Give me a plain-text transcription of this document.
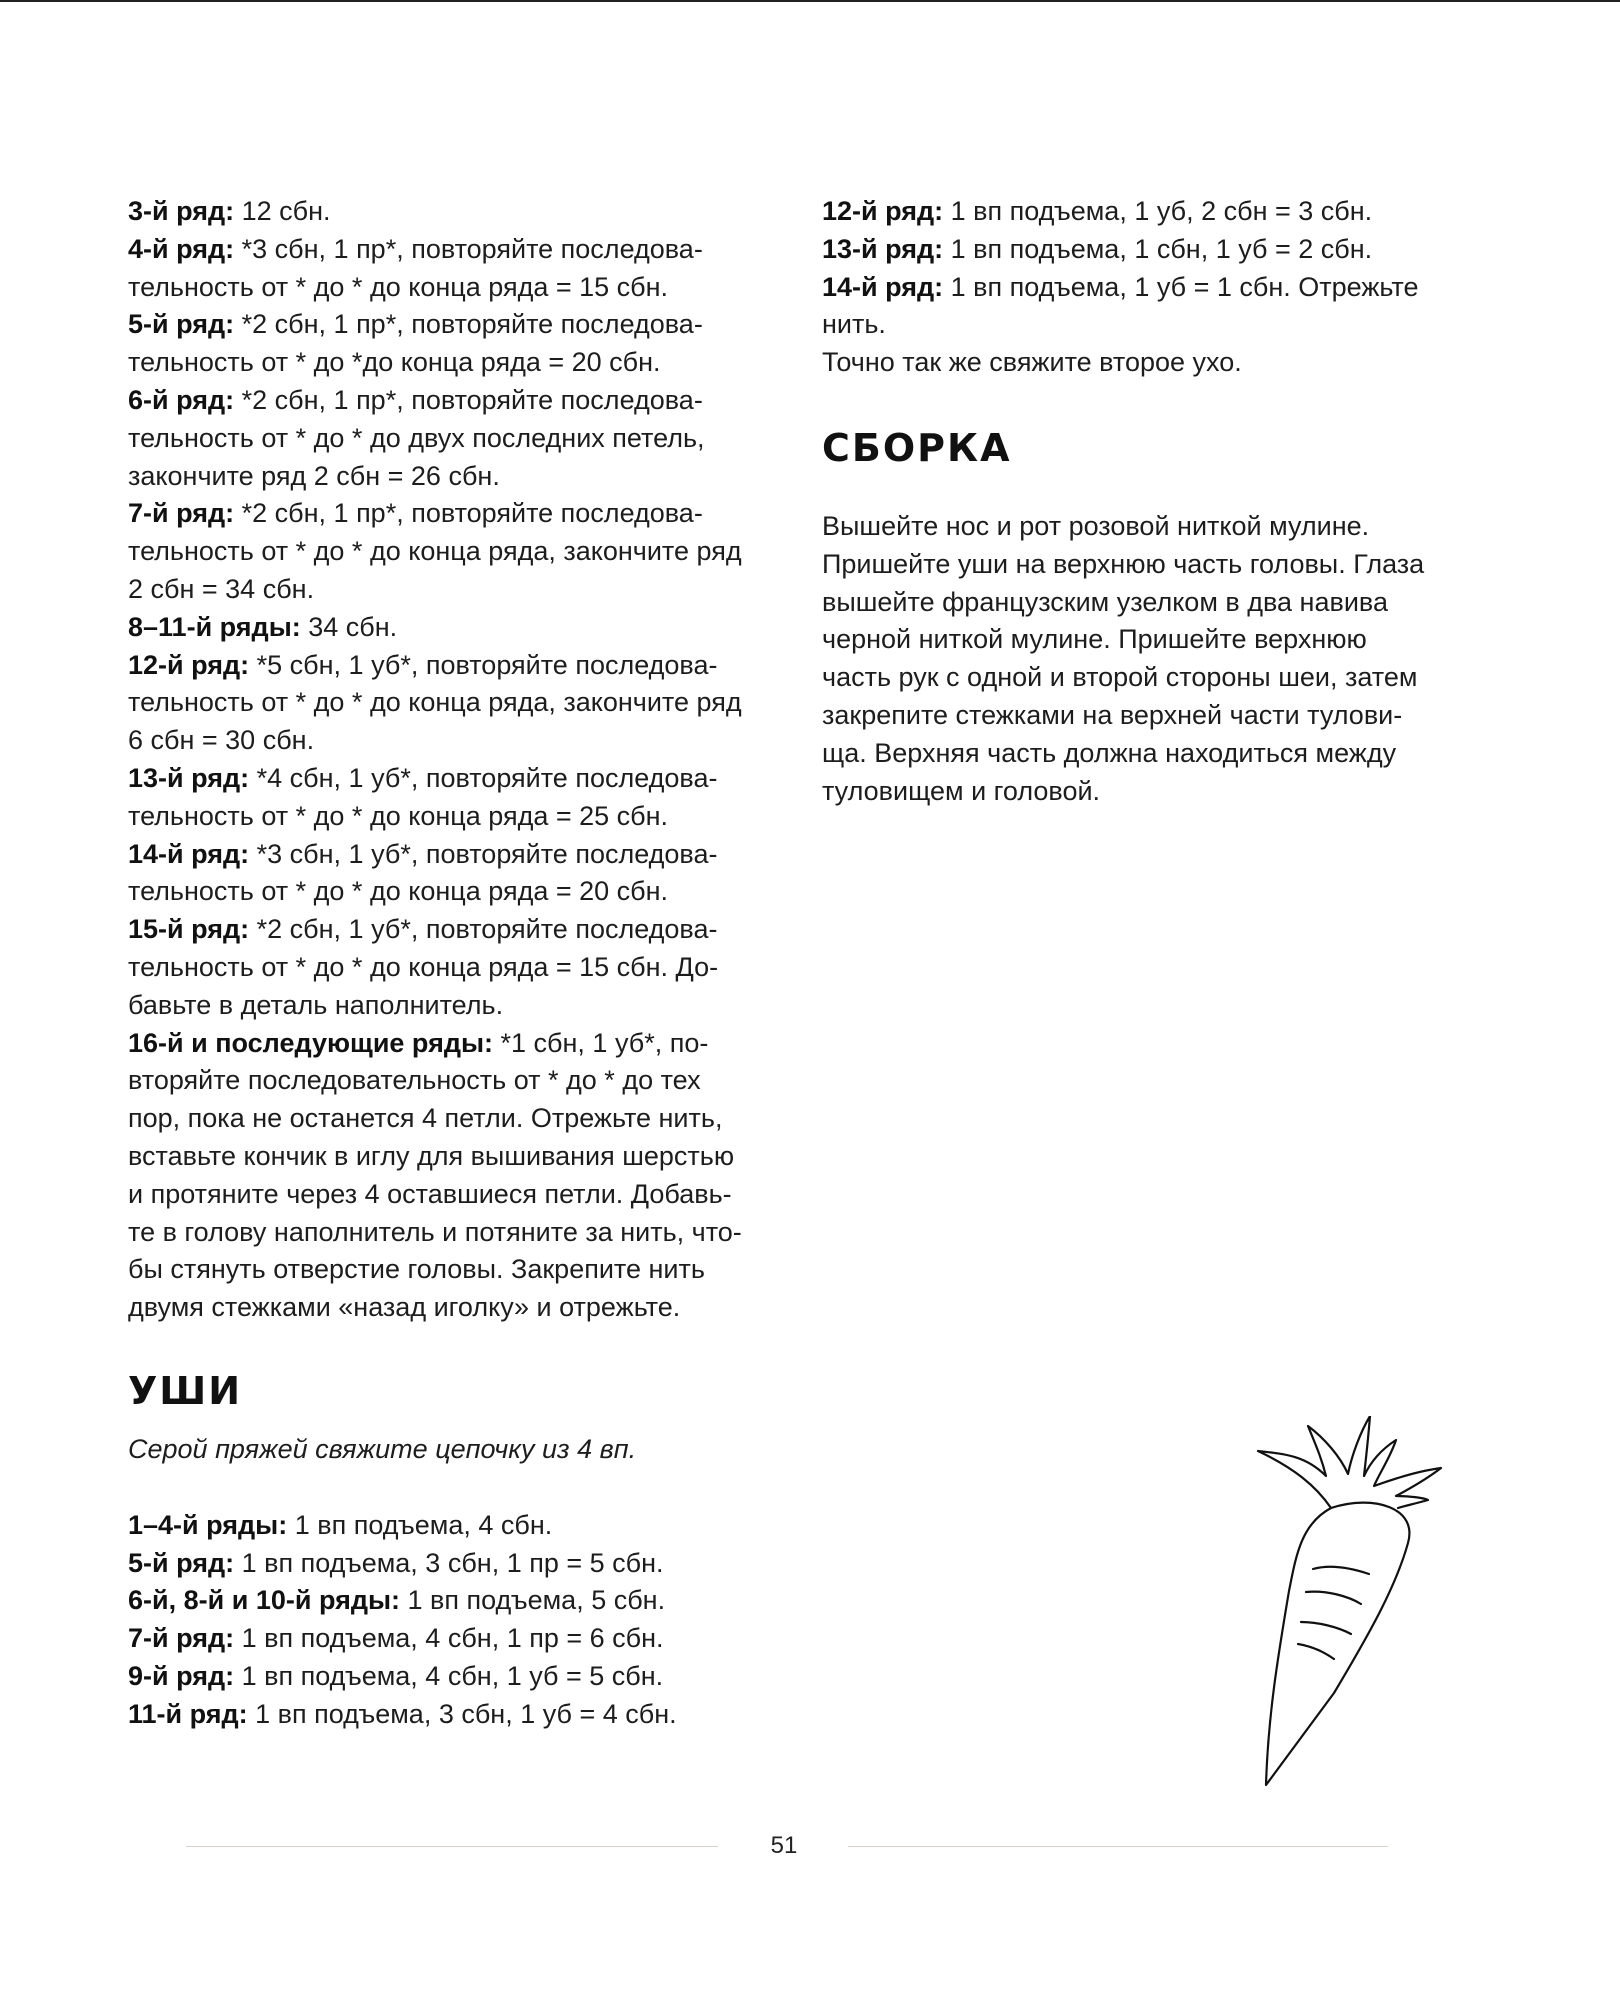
3-й ряд: 12 сбн.

4-й ряд: *3 сбн, 1 пр*, повторяйте последова-

тельность от * до * до конца ряда = 15 сбн.

5-й ряд: *2 сбн, 1 пр*, повторяйте последова-

тельность от * до *до конца ряда = 20 сбн.

6-й ряд: *2 сбн, 1 пр*, повторяйте последова-

тельность от * до * до двух последних петель,

закончите ряд 2 сбн = 26 сбн.

7-й ряд: *2 сбн, 1 пр*, повторяйте последова-

тельность от * до * до конца ряда, закончите ряд

2 сбн = 34 сбн.

8–11-й ряды: 34 сбн.

12-й ряд: *5 сбн, 1 уб*, повторяйте последова-

тельность от * до * до конца ряда, закончите ряд

6 сбн = 30 сбн.

13-й ряд: *4 сбн, 1 уб*, повторяйте последова-

тельность от * до * до конца ряда = 25 сбн.

14-й ряд: *3 сбн, 1 уб*, повторяйте последова-

тельность от * до * до конца ряда = 20 сбн.

15-й ряд: *2 сбн, 1 уб*, повторяйте последова-

тельность от * до * до конца ряда = 15 сбн. До-

бавьте в деталь наполнитель.

16-й и последующие ряды: *1 сбн, 1 уб*, по-

вторяйте последовательность от * до * до тех

пор, пока не останется 4 петли. Отрежьте нить,

вставьте кончик в иглу для вышивания шерстью

и протяните через 4 оставшиеся петли. Добавь-

те в голову наполнитель и потяните за нить, что-

бы стянуть отверстие головы. Закрепите нить

двумя стежками «назад иголку» и отрежьте.

УШИ

Серой пряжей свяжите цепочку из 4 вп.

1–4-й ряды: 1 вп подъема, 4 сбн.

5-й ряд: 1 вп подъема, 3 сбн, 1 пр = 5 сбн.

6-й, 8-й и 10-й ряды: 1 вп подъема, 5 сбн.

7-й ряд: 1 вп подъема, 4 сбн, 1 пр = 6 сбн.

9-й ряд: 1 вп подъема, 4 сбн, 1 уб = 5 сбн.

11-й ряд: 1 вп подъема, 3 сбн, 1 уб = 4 сбн.

12-й ряд: 1 вп подъема, 1 уб, 2 сбн = 3 сбн.

13-й ряд: 1 вп подъема, 1 сбн, 1 уб = 2 сбн.

14-й ряд: 1 вп подъема, 1 уб = 1 сбн. Отрежьте

нить.

Точно так же свяжите второе ухо.

СБОРКА

Вышейте нос и рот розовой ниткой мулине.

Пришейте уши на верхнюю часть головы. Глаза

вышейте французским узелком в два навива

черной ниткой мулине. Пришейте верхнюю

часть рук с одной и второй стороны шеи, затем

закрепите стежками на верхней части тулови-

ща. Верхняя часть должна находиться между

туловищем и головой.

51
